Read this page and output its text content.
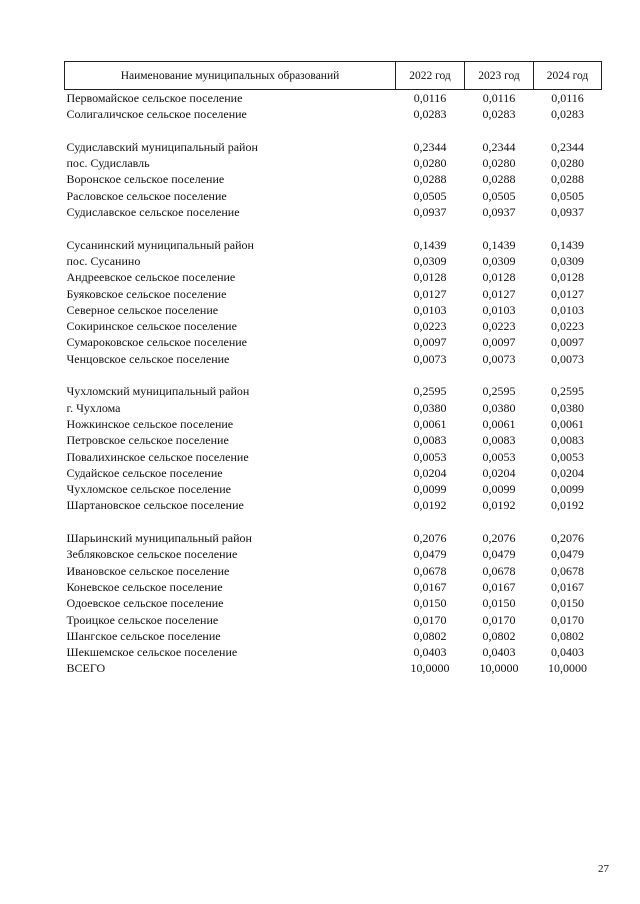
Наименование муниципальных образований	2022 год	2023 год	2024 год
Первомайское сельское поселение	0,0116	0,0116	0,0116
Солигаличское сельское поселение	0,0283	0,0283	0,0283

Судиславский муниципальный район	0,2344	0,2344	0,2344
пос. Судиславль	0,0280	0,0280	0,0280
Воронское сельское поселение	0,0288	0,0288	0,0288
Расловское сельское поселение	0,0505	0,0505	0,0505
Судиславское сельское поселение	0,0937	0,0937	0,0937

Сусанинский муниципальный район	0,1439	0,1439	0,1439
пос. Сусанино	0,0309	0,0309	0,0309
Андреевское сельское поселение	0,0128	0,0128	0,0128
Буяковское сельское поселение	0,0127	0,0127	0,0127
Северное сельское поселение	0,0103	0,0103	0,0103
Сокиринское сельское поселение	0,0223	0,0223	0,0223
Сумароковское сельское поселение	0,0097	0,0097	0,0097
Ченцовское сельское поселение	0,0073	0,0073	0,0073

Чухломский муниципальный район	0,2595	0,2595	0,2595
г. Чухлома	0,0380	0,0380	0,0380
Ножкинское сельское поселение	0,0061	0,0061	0,0061
Петровское сельское поселение	0,0083	0,0083	0,0083
Повалихинское сельское поселение	0,0053	0,0053	0,0053
Судайское сельское поселение	0,0204	0,0204	0,0204
Чухломское сельское поселение	0,0099	0,0099	0,0099
Шартановское сельское поселение	0,0192	0,0192	0,0192

Шарьинский муниципальный район	0,2076	0,2076	0,2076
Зебляковское сельское поселение	0,0479	0,0479	0,0479
Ивановское сельское поселение	0,0678	0,0678	0,0678
Коневское сельское поселение	0,0167	0,0167	0,0167
Одоевское сельское поселение	0,0150	0,0150	0,0150
Троицкое сельское поселение	0,0170	0,0170	0,0170
Шангское сельское поселение	0,0802	0,0802	0,0802
Шекшемское сельское поселение	0,0403	0,0403	0,0403
ВСЕГО	10,0000	10,0000	10,0000
27
